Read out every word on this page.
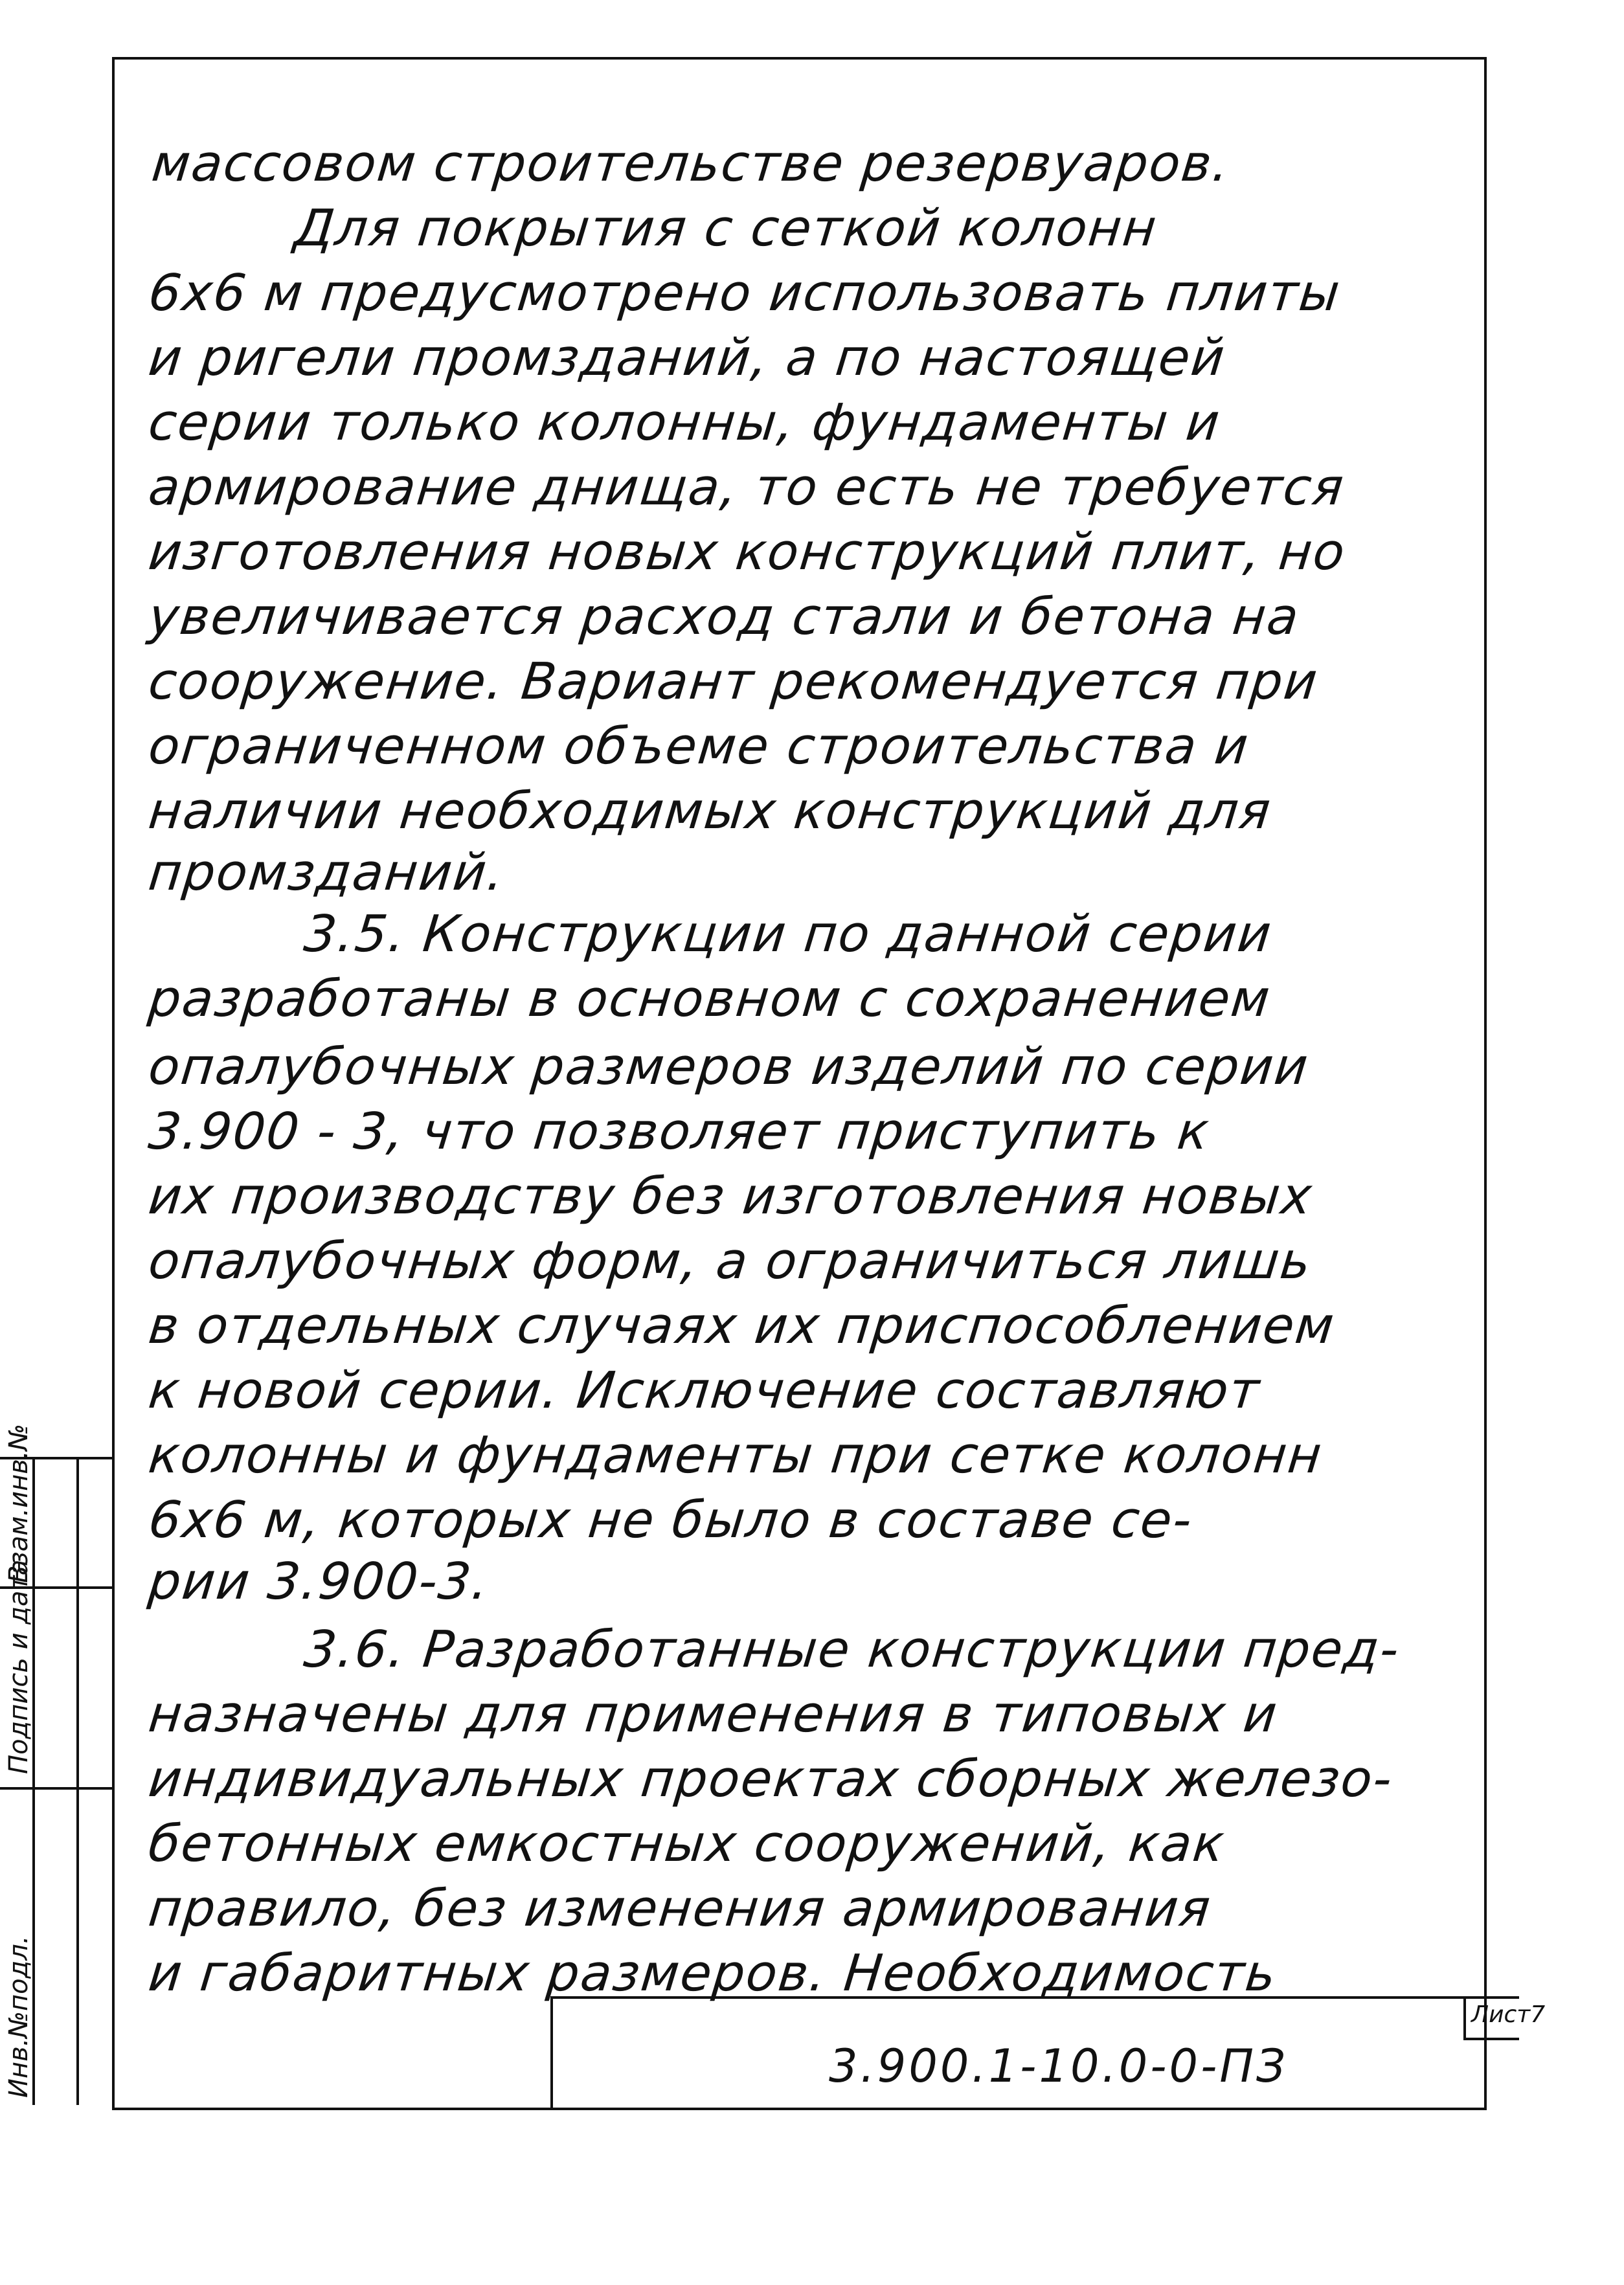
массовом строительстве резервуаров.
Для покрытия с сеткой колонн
6x6 м предусмотрено использовать плиты
и ригели промзданий, а по настоящей
серии только колонны, фундаменты и
армирование днища, то есть не требуется
изготовления новых конструкций плит, но
увеличивается расход стали и бетона на
сооружение. Вариант рекомендуется при
ограниченном объеме строительства и
наличии необходимых конструкций для
промзданий.
3.5. Конструкции по данной серии
разработаны в основном с сохранением
опалубочных размеров изделий по серии
3.900 - 3, что позволяет приступить к
их производству без изготовления новых
опалубочных форм, а ограничиться лишь
в отдельных случаях их приспособлением
к новой серии. Исключение составляют
колонны и фундаменты при сетке колонн
6x6 м, которых не было в составе се-
рии 3.900-3.
3.6. Разработанные конструкции пред-
назначены для применения в типовых и
индивидуальных проектах сборных железо-
бетонных емкостных сооружений, как
правило, без изменения армирования
и габаритных размеров. Необходимость
Инв.№подл.
Подпись и дата
Взам.инв.№
Лист7
3.900.1-10.0-0-ПЗ
